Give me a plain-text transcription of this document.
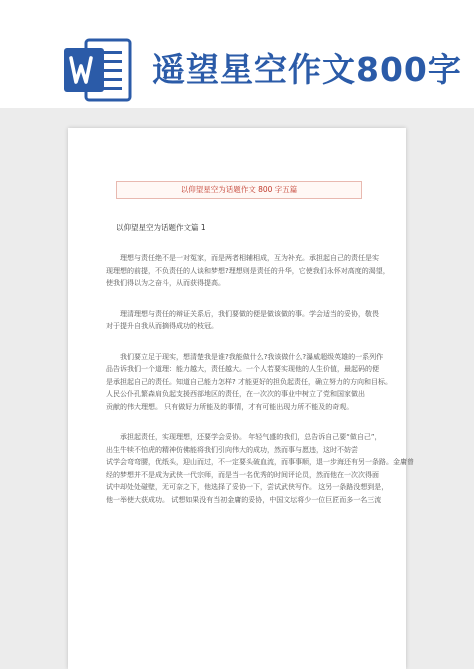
遥望星空作文800字
以仰望星空为话题作文 800 字五篇
以仰望星空为话题作文篇 1
理想与责任绝不是一对冤家，而是两者相辅相成，互为补充。承担起自己的责任是实
现理想的前提，不负责任的人谈和梦想?理想则是责任的升华，它使我们永怀对高度的渴望，
使我们得以为之奋斗，从而获得提高。
理清理想与责任的辩证关系后，我们要做的便是做该做的事。学会适当的妥协，敬畏
对于提升自我从而摘得成功的枝冠。
我们要立足于现实，想清楚我是谁?我能做什么?我该做什么?瀑威超级英雄的一系列作
品告诉我们一个道理：能力越大，责任越大。一个人若要实现他的人生价值，最起码的便
是承担起自己的责任。知道自己能力怎样? 才能更好的担负起责任，确立努力的方向和目标。
人民公仆孔繁森肩负起支援西部地区的责任，在一次次的事业中树立了党和国家做出
贡献的伟大理想。 只有做好力所能及的事情，才有可能出现力所不能及的奇观。
承担起责任，实现理想，还要学会妥协。 年轻气盛的我们，总告诉自己要“做自己”，
出生牛犊不怕虎的精神仿佛能将我们引向伟大的成功，然而事与愿违，这时不妨尝
试学会弯弯腰，优纸头，迎山而过，不一定要头破血流，而事事顺，退一步海还有另一条路。金庸曾
经的梦想并不是成为武侠一代宗师，而是当一名优秀的时间评论员，然而他在一次次得面
试中却处处碰壁，无可奈之下，他选择了妥协一下，尝试武侠写作。 这另一条路没想到是，
他一举使大获成功。 试想如果没有当初金庸的妥协，中国文坛将少一位巨匠而多一名三流
